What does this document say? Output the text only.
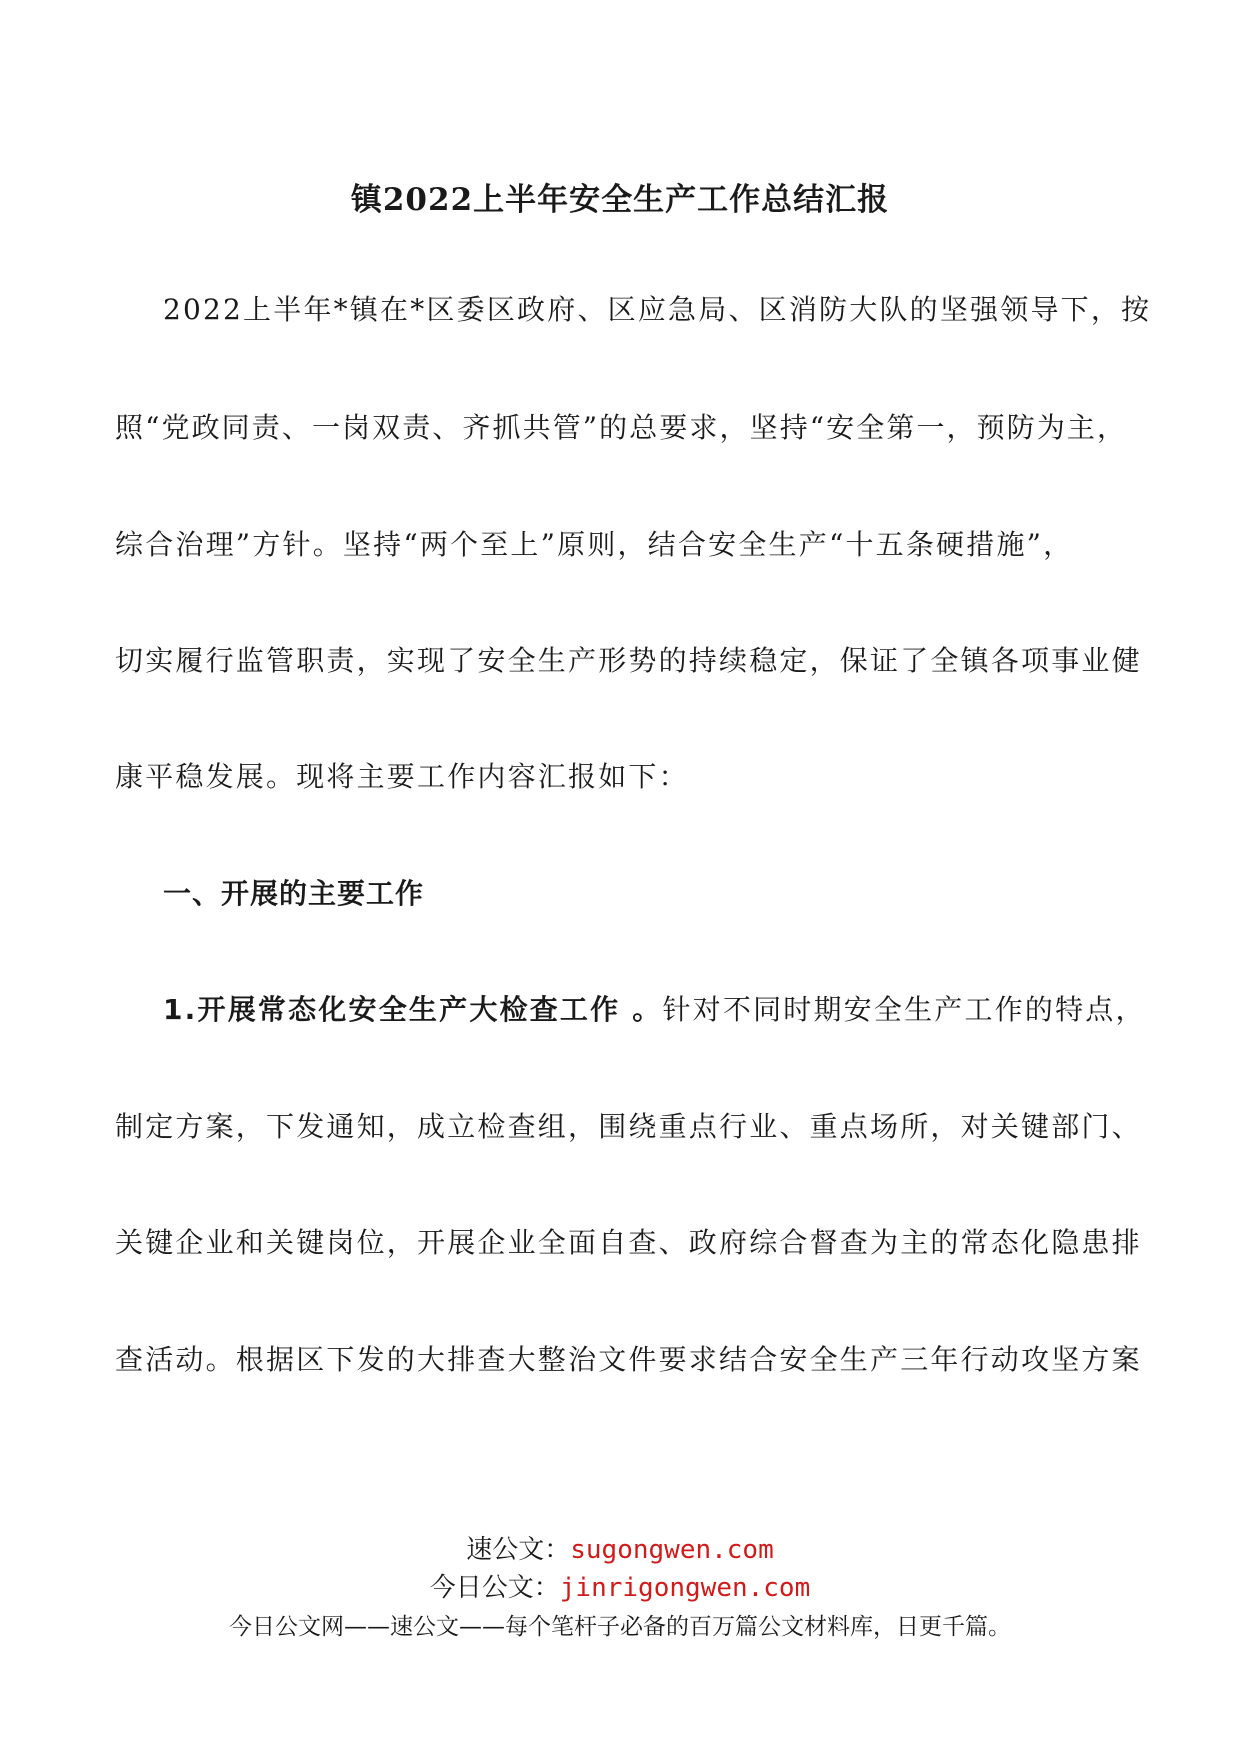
镇2022上半年安全生产工作总结汇报

2022上半年*镇在*区委区政府、区应急局、区消防大队的坚强领导下，按

照“党政同责、一岗双责、齐抓共管”的总要求，坚持“安全第一，预防为主，

综合治理”方针。坚持“两个至上”原则，结合安全生产“十五条硬措施”，

切实履行监管职责，实现了安全生产形势的持续稳定，保证了全镇各项事业健

康平稳发展。现将主要工作内容汇报如下：

一、开展的主要工作

1.开展常态化安全生产大检查工作 。针对不同时期安全生产工作的特点，

制定方案，下发通知，成立检查组，围绕重点行业、重点场所，对关键部门、

关键企业和关键岗位，开展企业全面自查、政府综合督查为主的常态化隐患排

查活动。根据区下发的大排查大整治文件要求结合安全生产三年行动攻坚方案

速公文：sugongwen.com

今日公文：jinrigongwen.com

今日公文网——速公文——每个笔杆子必备的百万篇公文材料库，日更千篇。
